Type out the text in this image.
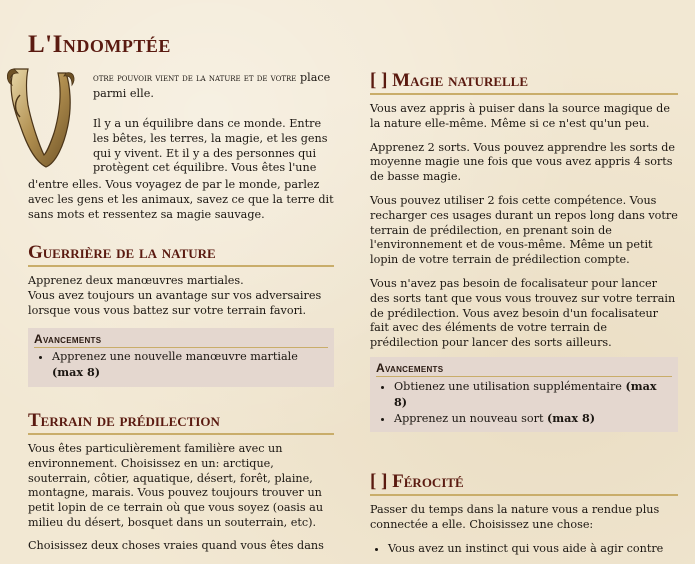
L'Indomptée
otre pouvoir vient de la nature et de votre place parmi elle.

Il y a un équilibre dans ce monde. Entre les bêtes, les terres, la magie, et les gens qui y vivent. Et il y a des personnes qui protègent cet équilibre. Vous êtes l'une

d'entre elles. Vous voyagez de par le monde, parlez avec les gens et les animaux, savez ce que la terre dit sans mots et ressentez sa magie sauvage.

Guerrière de la nature

Apprenez deux manœuvres martiales.

Vous avez toujours un avantage sur vos adversaires lorsque vous vous battez sur votre terrain favori.

Avancements
• Apprenez une nouvelle manœuvre martiale (max 8)
Terrain de prédilection

Vous êtes particulièrement familière avec un environnement. Choisissez en un: arctique, souterrain, côtier, aquatique, désert, forêt, plaine, montagne, marais. Vous pouvez toujours trouver un petit lopin de ce terrain où que vous soyez (oasis au milieu du désert, bosquet dans un souterrain, etc).

Choisissez deux choses vraies quand vous êtes dans

[ ] Magie naturelle

Vous avez appris à puiser dans la source magique de la nature elle-même. Même si ce n'est qu'un peu.

Apprenez 2 sorts. Vous pouvez apprendre les sorts de moyenne magie une fois que vous avez appris 4 sorts de basse magie.

Vous pouvez utiliser 2 fois cette compétence. Vous recharger ces usages durant un repos long dans votre terrain de prédilection, en prenant soin de l'environnement et de vous-même. Même un petit lopin de votre terrain de prédilection compte.

Vous n'avez pas besoin de focalisateur pour lancer des sorts tant que vous vous trouvez sur votre terrain de prédilection. Vous avez besoin d'un focalisateur fait avec des éléments de votre terrain de prédilection pour lancer des sorts ailleurs.

Avancements
• Obtienez une utilisation supplémentaire (max 8)
• Apprenez un nouveau sort (max 8)
[ ] Férocité

Passer du temps dans la nature vous a rendue plus connectée a elle. Choisissez une chose:

• Vous avez un instinct qui vous aide à agir contre
